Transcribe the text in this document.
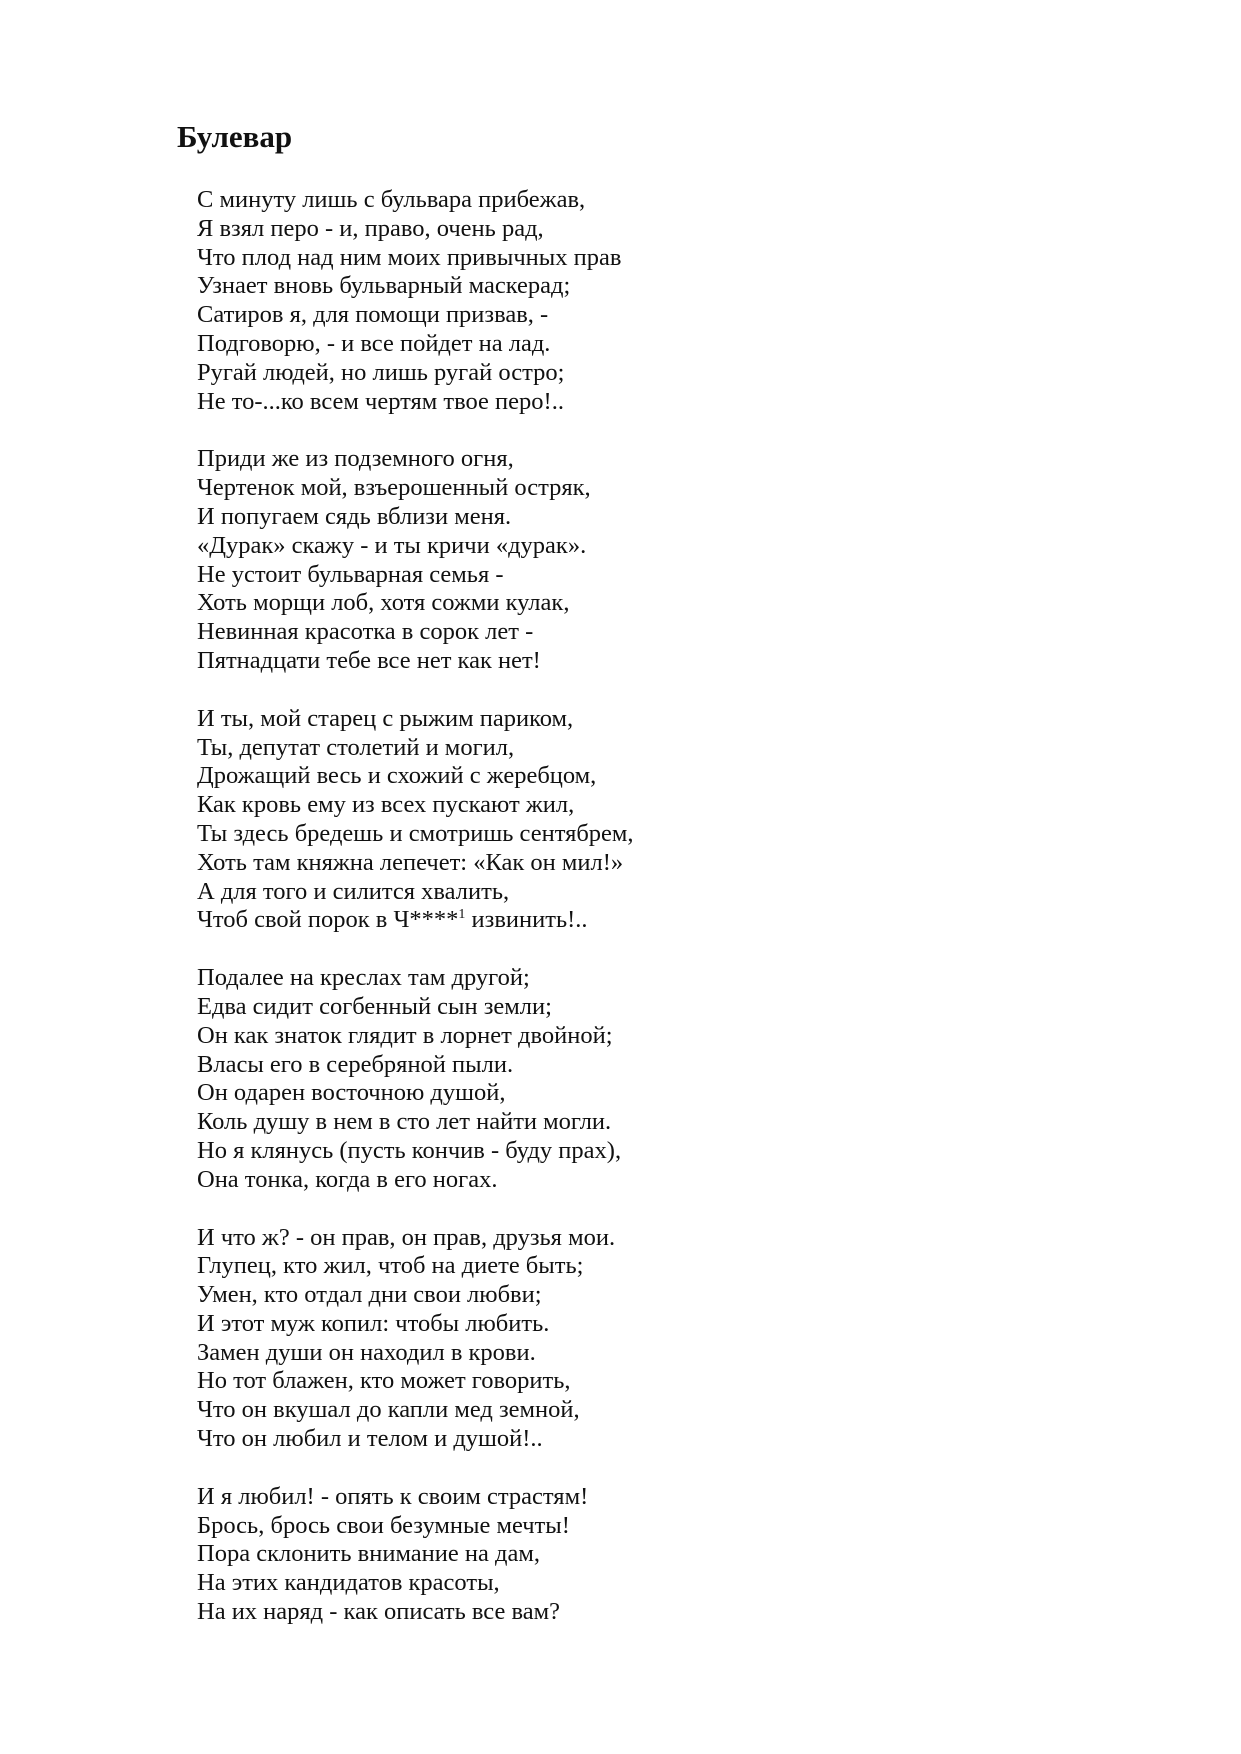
Булевар
С минуту лишь с бульвара прибежав,
Я взял перо - и, право, очень рад,
Что плод над ним моих привычных прав
Узнает вновь бульварный маскерад;
Сатиров я, для помощи призвав, -
Подговорю, - и все пойдет на лад.
Ругай людей, но лишь ругай остро;
Не то-...ко всем чертям твое перо!..
Приди же из подземного огня,
Чертенок мой, взъерошенный остряк,
И попугаем сядь вблизи меня.
«Дурак» скажу - и ты кричи «дурак».
Не устоит бульварная семья -
Хоть морщи лоб, хотя сожми кулак,
Невинная красотка в сорок лет -
Пятнадцати тебе все нет как нет!
И ты, мой старец с рыжим париком,
Ты, депутат столетий и могил,
Дрожащий весь и схожий с жеребцом,
Как кровь ему из всех пускают жил,
Ты здесь бредешь и смотришь сентябрем,
Хоть там княжна лепечет: «Как он мил!»
А для того и силится хвалить,
Чтоб свой порок в Ч****$^1$ извинить!..
Подалее на креслах там другой;
Едва сидит согбенный сын земли;
Он как знаток глядит в лорнет двойной;
Власы его в серебряной пыли.
Он одарен восточною душой,
Коль душу в нем в сто лет найти могли.
Но я клянусь (пусть кончив - буду прах),
Она тонка, когда в его ногах.
И что ж? - он прав, он прав, друзья мои.
Глупец, кто жил, чтоб на диете быть;
Умен, кто отдал дни свои любви;
И этот муж копил: чтобы любить.
Замен души он находил в крови.
Но тот блажен, кто может говорить,
Что он вкушал до капли мед земной,
Что он любил и телом и душой!..
И я любил! - опять к своим страстям!
Брось, брось свои безумные мечты!
Пора склонить внимание на дам,
На этих кандидатов красоты,
На их наряд - как описать все вам?
